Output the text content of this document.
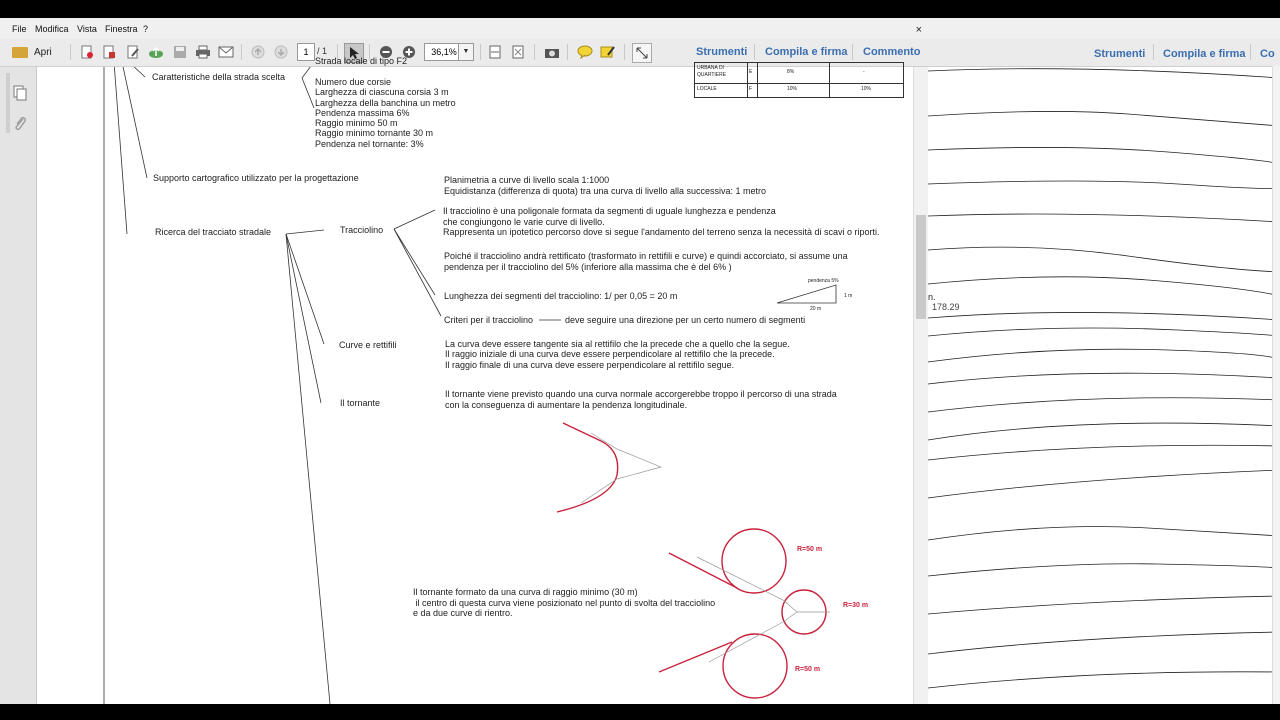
File Modifica Vista Finestra ?	×
Apri	1 / 1	36,1% ▼	Strumenti Compila e firma Commento
URBANA DI QUARTIERE	E	8%	-
LOCALE	F	10%	10%
Strada locale di tipo F2
Caratteristiche della strada scelta	Numero due corsie
Larghezza di ciascuna corsia 3 m
Larghezza della banchina un metro
Pendenza massima 6%
Raggio minimo 50 m
Raggio minimo tornante 30 m
Pendenza nel tornante: 3%
Supporto cartografico utilizzato per la progettazione	Planimetria a curve di livello scala 1:1000
Equidistanza (differenza di quota) tra una curva di livello alla successiva: 1 metro
Ricerca del tracciato stradale	Tracciolino
Il tracciolino è una poligonale formata da segmenti di uguale lunghezza e pendenza
che congiungono le varie curve di livello.
Rappresenta un ipotetico percorso dove si segue l'andamento del terreno senza la necessità di scavi o riporti.
Poiché il tracciolino andrà rettificato (trasformato in rettifili e curve) e quindi accorciato, si assume una
pendenza per il tracciolino del 5% (inferiore alla massima che è del 6% )
Lunghezza dei segmenti del tracciolino: 1/ per 0,05 = 20 m
pendenza 5%
1 m
20 m
Criteri per il tracciolino	deve seguire una direzione per un certo numero di segmenti
Curve e rettifili	La curva deve essere tangente sia al rettifilo che la precede che a quello che la segue.
Il raggio iniziale di una curva deve essere perpendicolare al rettifilo che la precede.
Il raggio finale di una curva deve essere perpendicolare al rettifilo segue.
Il tornante
Il tornante viene previsto quando una curva normale accorgerebbe troppo il percorso di una strada
con la conseguenza di aumentare la pendenza longitudinale.
Il tornante formato da una curva di raggio minimo (30 m)
il centro di questa curva viene posizionato nel punto di svolta del tracciolino
e da due curve di rientro.
R=50 m
R=30 m
R=50 m
Strumenti Compila e firma Co
n.
178.29
